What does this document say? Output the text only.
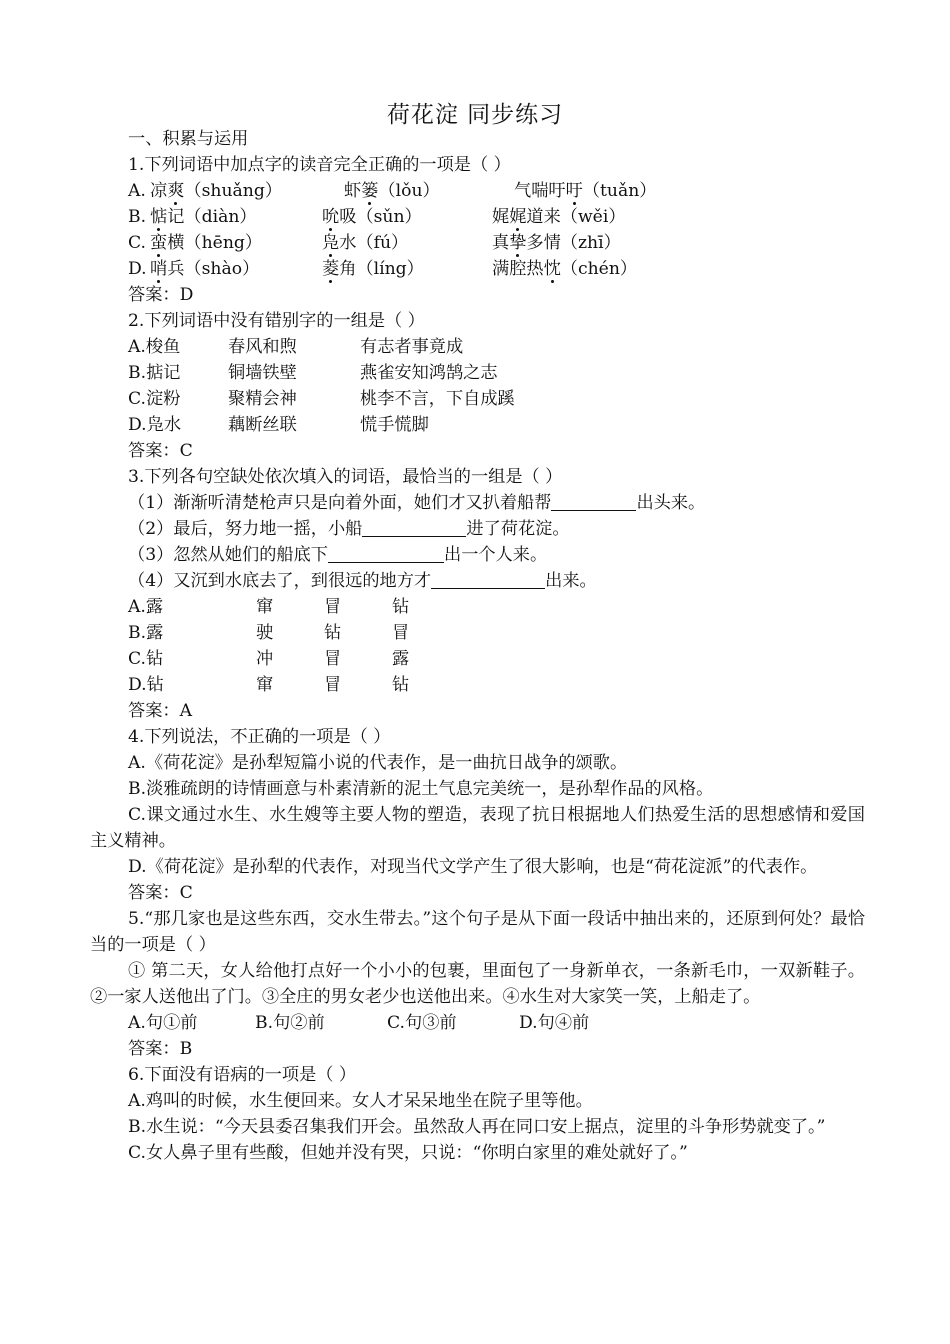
荷花淀 同步练习
一、积累与运用
1.下列词语中加点字的读音完全正确的一项是（ ）
A. 凉爽（shuǎng）	虾篓（lǒu）	气喘吁吁（tuǎn）
B. 惦记（diàn）	吮吸（sǔn）	娓娓道来（wěi）
C. 蛮横（hēng）	凫水（fú）	真挚多情（zhī）
D. 哨兵（shào）	菱角（líng）	满腔热忱（chén）
答案：D
2.下列词语中没有错别字的一组是（ ）
A.梭鱼	春风和煦	有志者事竟成
B.掂记	铜墙铁壁	燕雀安知鸿鹄之志
C.淀粉	聚精会神	桃李不言，下自成蹊
D.凫水	藕断丝联	慌手慌脚
答案：C
3.下列各句空缺处依次填入的词语，最恰当的一组是（ ）
（1）渐渐听清楚枪声只是向着外面，她们才又扒着船帮	出头来。
（2）最后，努力地一摇，小船	进了荷花淀。
（3）忽然从她们的船底下	出一个人来。
（4）又沉到水底去了，到很远的地方才	出来。
A.露	窜	冒	钻
B.露	驶	钻	冒
C.钻	冲	冒	露
D.钻	窜	冒	钻
答案：A
4.下列说法，不正确的一项是（ ）
A.《荷花淀》是孙犁短篇小说的代表作，是一曲抗日战争的颂歌。
B.淡雅疏朗的诗情画意与朴素清新的泥土气息完美统一，是孙犁作品的风格。
C.课文通过水生、水生嫂等主要人物的塑造，表现了抗日根据地人们热爱生活的思想感情和爱国主义精神。
D.《荷花淀》是孙犁的代表作，对现当代文学产生了很大影响，也是“荷花淀派”的代表作。
答案：C
5.“那几家也是这些东西，交水生带去。”这个句子是从下面一段话中抽出来的，还原到何处？最恰当的一项是（ ）
① 第二天，女人给他打点好一个小小的包裹，里面包了一身新单衣，一条新毛巾，一双新鞋子。②一家人送他出了门。③全庄的男女老少也送他出来。④水生对大家笑一笑，上船走了。
A.句①前	B.句②前	C.句③前	D.句④前
答案：B
6.下面没有语病的一项是（ ）
A.鸡叫的时候，水生便回来。女人才呆呆地坐在院子里等他。
B.水生说：“今天县委召集我们开会。虽然敌人再在同口安上据点，淀里的斗争形势就变了。”
C.女人鼻子里有些酸，但她并没有哭，只说：“你明白家里的难处就好了。”
